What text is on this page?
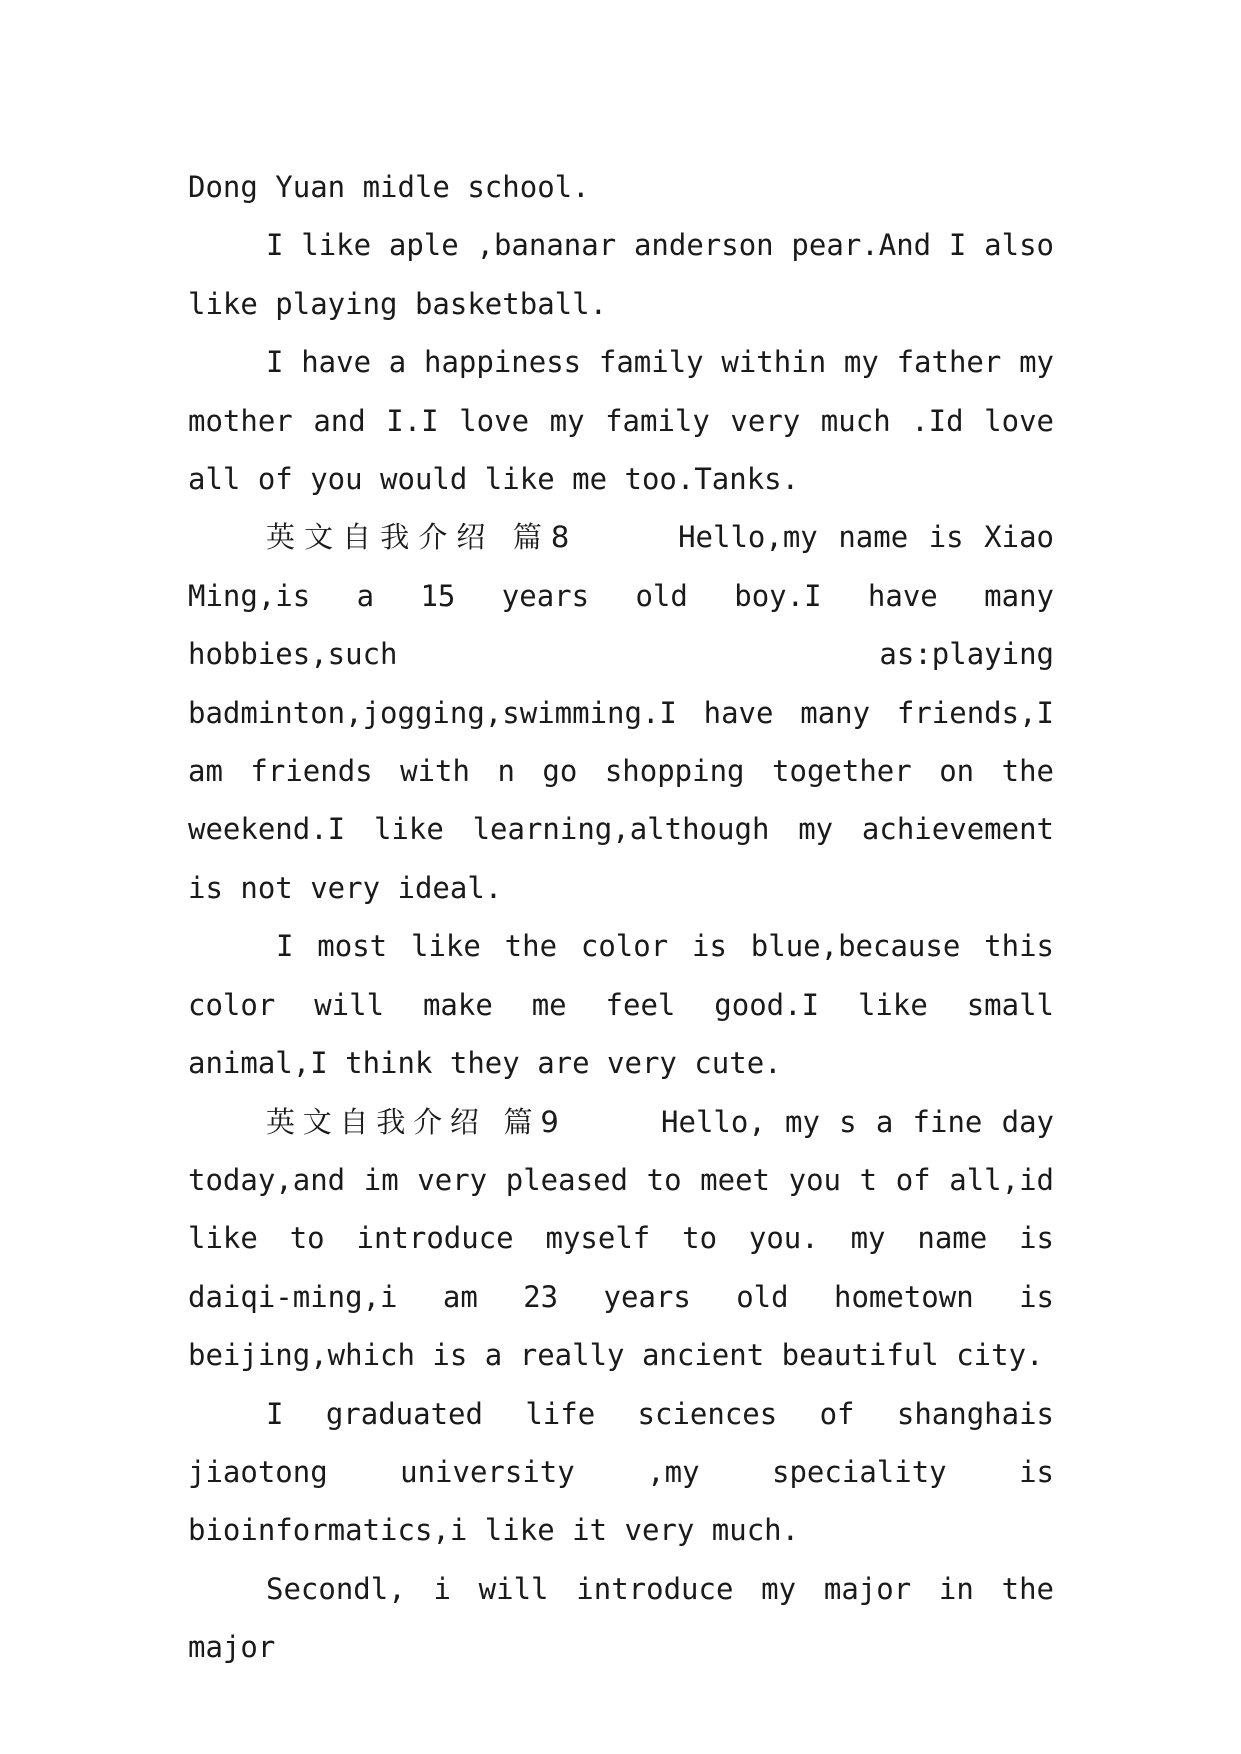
Dong Yuan midle school.

I like aple ,bananar anderson pear.And I also like playing basketball.

I have a happiness family within my father my mother and I.I love my family very much .Id love all of you would like me too.Tanks.

英文自我介绍 篇8	Hello,my name is Xiao Ming,is a 15 years old boy.I have many hobbies,such as:playing badminton,jogging,swimming.I have many friends,I am friends with n go shopping together on the weekend.I like learning,although my achievement is not very ideal.

I most like the color is blue,because this color will make me feel good.I like small animal,I think they are very cute.

英文自我介绍 篇9	Hello, my s a fine day today,and im very pleased to meet you t of all,id like to introduce myself to you. my name is daiqi-ming,i am 23 years old hometown is beijing,which is a really ancient beautiful city.

I graduated life sciences of shanghais jiaotong university ,my speciality is bioinformatics,i like it very much.

Secondl, i will introduce my major in the major
